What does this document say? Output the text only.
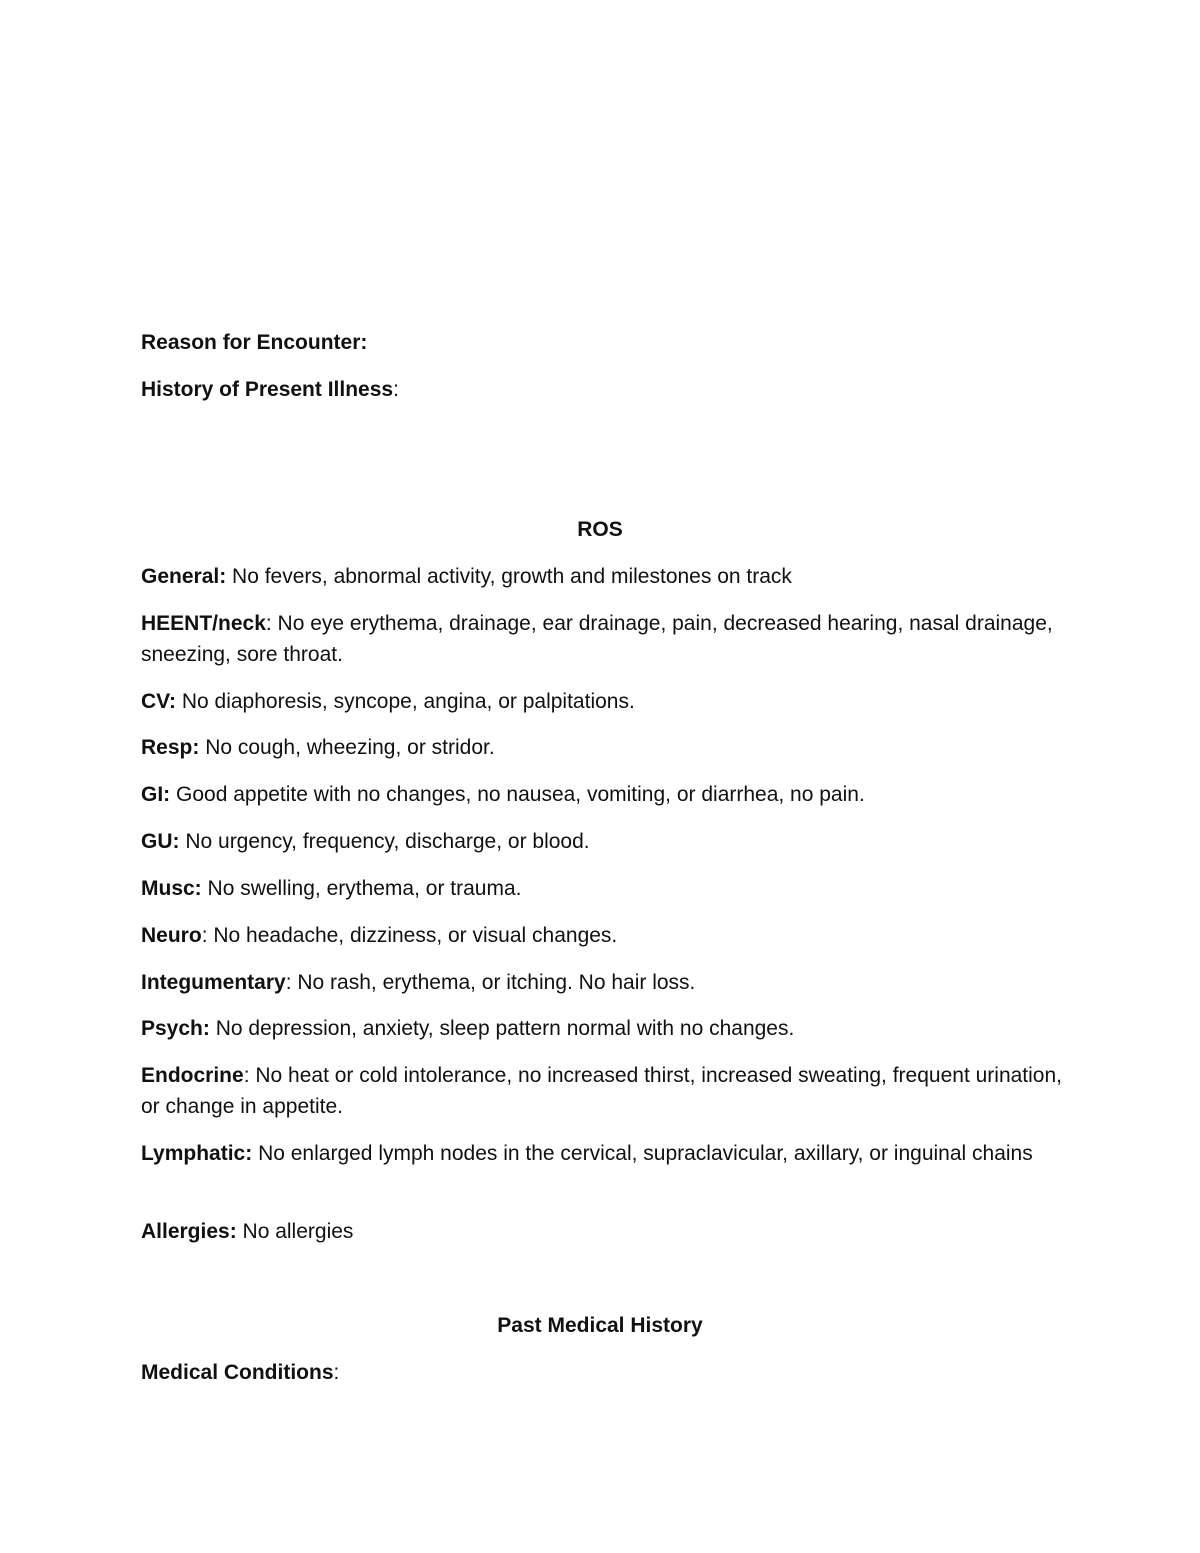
Reason for Encounter:
History of Present Illness:
ROS
General: No fevers, abnormal activity, growth and milestones on track
HEENT/neck: No eye erythema, drainage, ear drainage, pain, decreased hearing, nasal drainage, sneezing, sore throat.
CV: No diaphoresis, syncope, angina, or palpitations.
Resp: No cough, wheezing, or stridor.
GI: Good appetite with no changes, no nausea, vomiting, or diarrhea, no pain.
GU: No urgency, frequency, discharge, or blood.
Musc: No swelling, erythema, or trauma.
Neuro: No headache, dizziness, or visual changes.
Integumentary: No rash, erythema, or itching. No hair loss.
Psych: No depression, anxiety, sleep pattern normal with no changes.
Endocrine: No heat or cold intolerance, no increased thirst, increased sweating, frequent urination, or change in appetite.
Lymphatic: No enlarged lymph nodes in the cervical, supraclavicular, axillary, or inguinal chains
Allergies: No allergies
Past Medical History
Medical Conditions:
